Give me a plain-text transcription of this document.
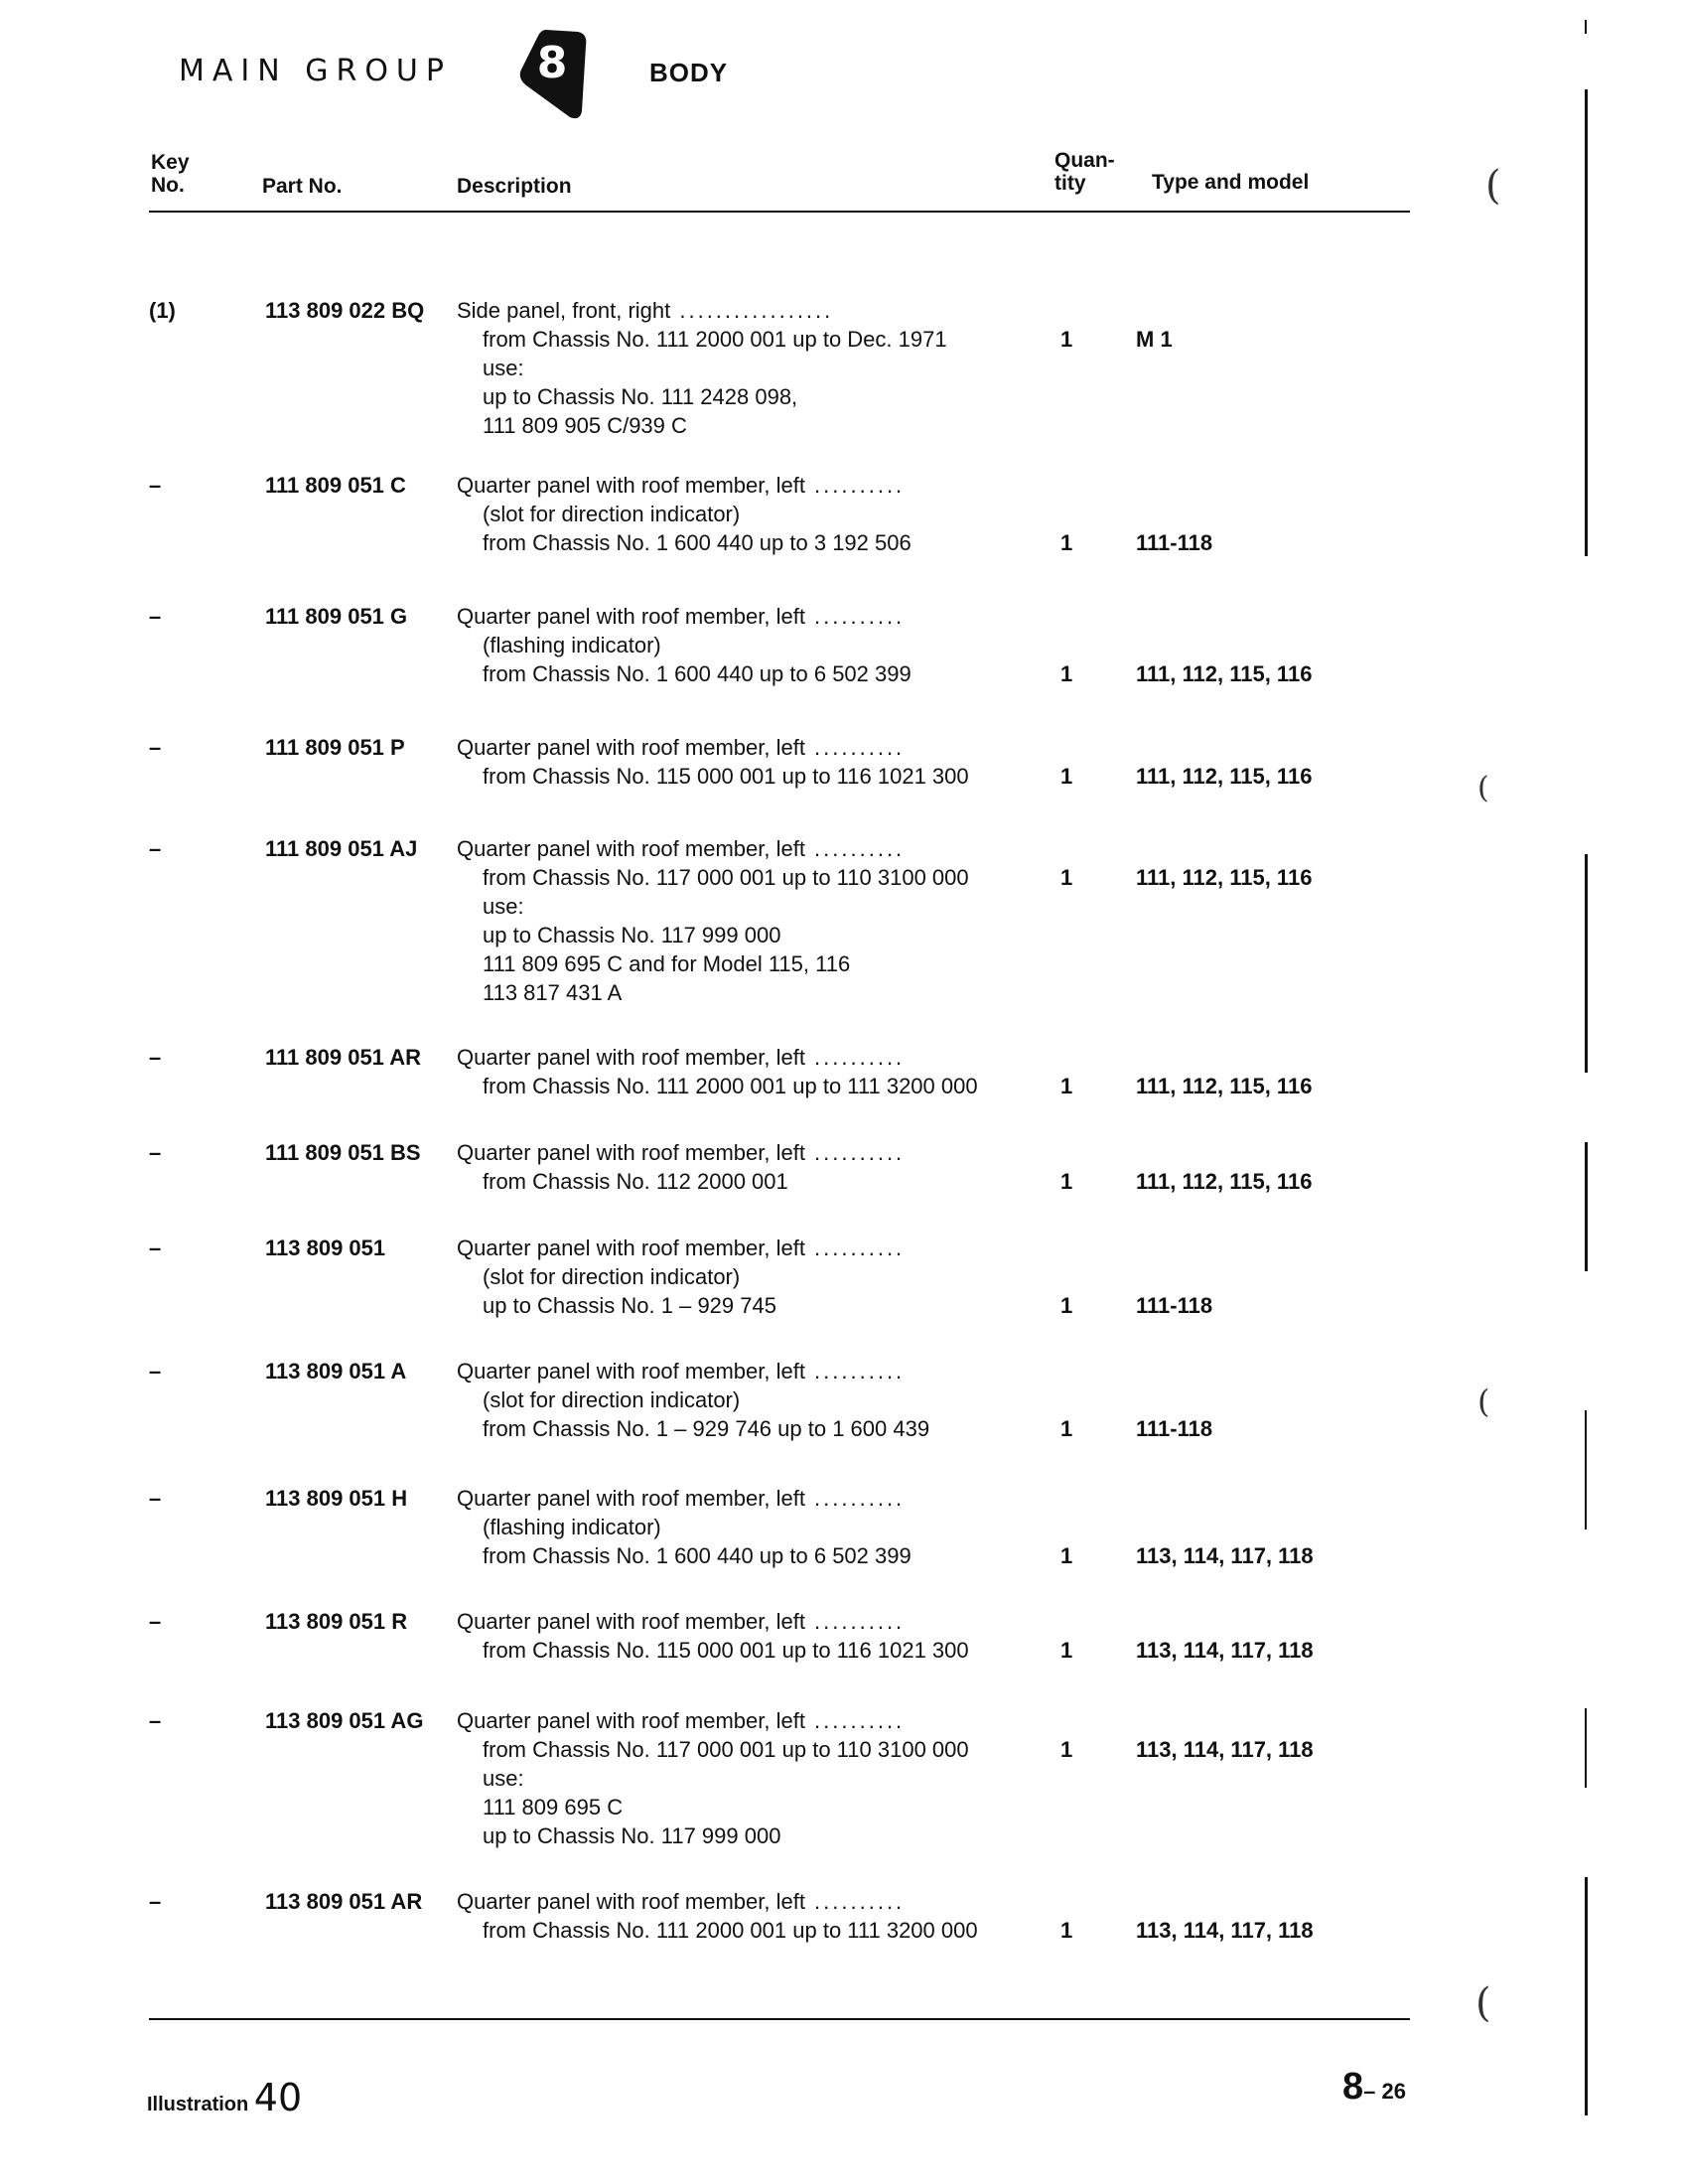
MAIN GROUP	8	BODY
Key
No.	Part No.	Description
Quan-
tity	Type and model
(1)	113 809 022 BQ Side panel, front, right .................
from Chassis No. 111 2000 001 up to Dec. 1971
use:
up to Chassis No. 111 2428 098,
111 809 905 C/939 C
1	M 1
–	111 809 051 C Quarter panel with roof member, left ..........
(slot for direction indicator)
from Chassis No. 1 600 440 up to 3 192 506	1	111-118
–	111 809 051 G Quarter panel with roof member, left ..........
(flashing indicator)
from Chassis No. 1 600 440 up to 6 502 399	1	111, 112, 115, 116
–	111 809 051 P Quarter panel with roof member, left ..........
from Chassis No. 115 000 001 up to 116 1021 300	1	111, 112, 115, 116
–	111 809 051 AJ Quarter panel with roof member, left ..........
from Chassis No. 117 000 001 up to 110 3100 000
use:
up to Chassis No. 117 999 000
111 809 695 C and for Model 115, 116
113 817 431 A
1	111, 112, 115, 116
–	111 809 051 AR Quarter panel with roof member, left ..........
from Chassis No. 111 2000 001 up to 111 3200 000	1	111, 112, 115, 116
–	111 809 051 BS Quarter panel with roof member, left ..........
from Chassis No. 112 2000 001	1	111, 112, 115, 116
–	113 809 051	Quarter panel with roof member, left ..........
(slot for direction indicator)
up to Chassis No. 1 – 929 745	1	111-118
–	113 809 051 A Quarter panel with roof member, left ..........
(slot for direction indicator)
from Chassis No. 1 – 929 746 up to 1 600 439	1	111-118
–	113 809 051 H Quarter panel with roof member, left ..........
(flashing indicator)
from Chassis No. 1 600 440 up to 6 502 399	1	113, 114, 117, 118
–	113 809 051 R Quarter panel with roof member, left ..........
from Chassis No. 115 000 001 up to 116 1021 300	1	113, 114, 117, 118
–	113 809 051 AG Quarter panel with roof member, left ..........
from Chassis No. 117 000 001 up to 110 3100 000
use:
111 809 695 C
up to Chassis No. 117 999 000
1	113, 114, 117, 118
–	113 809 051 AR Quarter panel with roof member, left ..........
from Chassis No. 111 2000 001 up to 111 3200 000	1	113, 114, 117, 118
Illustration 40	8– 26
(
(
(
(
